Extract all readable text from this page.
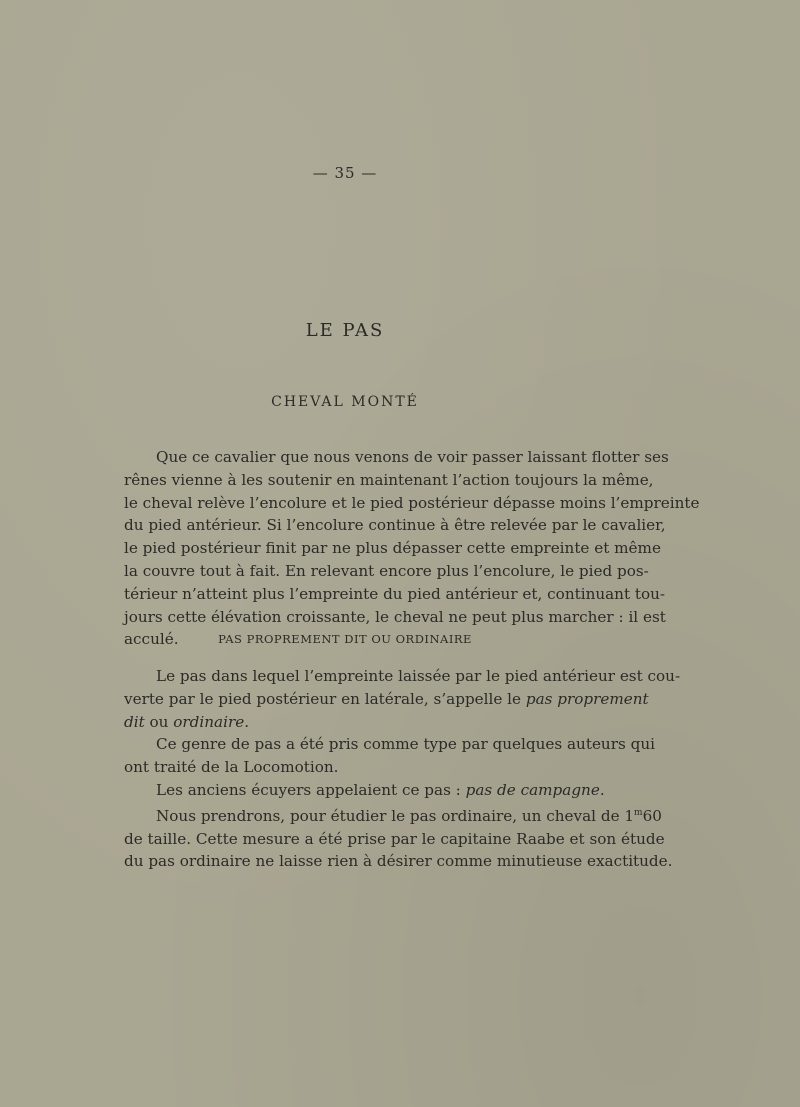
— 35 —
LE PAS
CHEVAL MONTÉ
Que ce cavalier que nous venons de voir passer laissant flotter ses
rênes vienne à les soutenir en maintenant l’action toujours la même,
le cheval relève l’encolure et le pied postérieur dépasse moins l’empreinte
du pied antérieur. Si l’encolure continue à être relevée par le cavalier,
le pied postérieur finit par ne plus dépasser cette empreinte et même
la couvre tout à fait. En relevant encore plus l’encolure, le pied pos-
térieur n’atteint plus l’empreinte du pied antérieur et, continuant tou-
jours cette élévation croissante, le cheval ne peut plus marcher : il est
acculé.	PAS PROPREMENT DIT OU ORDINAIRE
Le pas dans lequel l’empreinte laissée par le pied antérieur est cou-
verte par le pied postérieur en latérale, s’appelle le pas proprement
dit ou ordinaire.
Ce genre de pas a été pris comme type par quelques auteurs qui
ont traité de la Locomotion.
Les anciens écuyers appelaient ce pas : pas de campagne.
Nous prendrons, pour étudier le pas ordinaire, un cheval de 1$^m$60
de taille. Cette mesure a été prise par le capitaine Raabe et son étude
du pas ordinaire ne laisse rien à désirer comme minutieuse exactitude.
